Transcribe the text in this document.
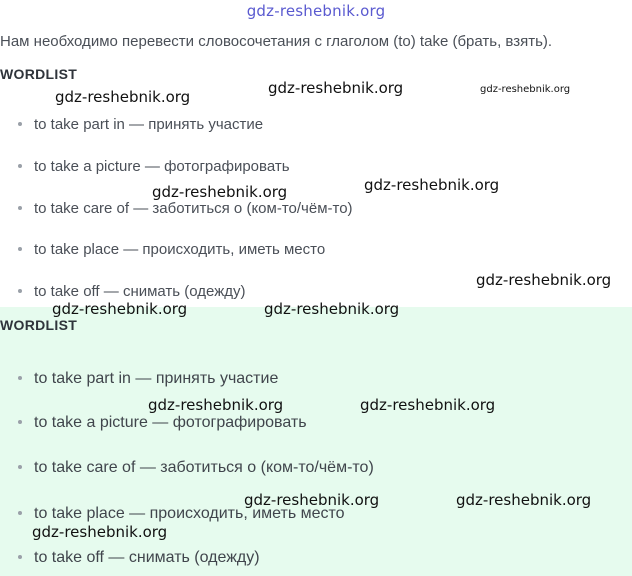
gdz-reshebnik.org
Нам необходимо перевести словосочетания с глаголом (to) take (брать, взять).
WORDLIST
to take part in — принять участие
to take a picture — фотографировать
to take care of — заботиться о (ком-то/чём-то)
to take place — происходить, иметь место
to take off — снимать (одежду)
WORDLIST
to take part in — принять участие
to take a picture — фотографировать
to take care of — заботиться о (ком-то/чём-то)
to take place — происходить, иметь место
to take off — снимать (одежду)
gdz-reshebnik.org	gdz-reshebnik.org	gdz-reshebnik.org
gdz-reshebnik.org	gdz-reshebnik.org
gdz-reshebnik.org
gdz-reshebnik.org	gdz-reshebnik.org
gdz-reshebnik.org	gdz-reshebnik.org
gdz-reshebnik.org	gdz-reshebnik.org
gdz-reshebnik.org
